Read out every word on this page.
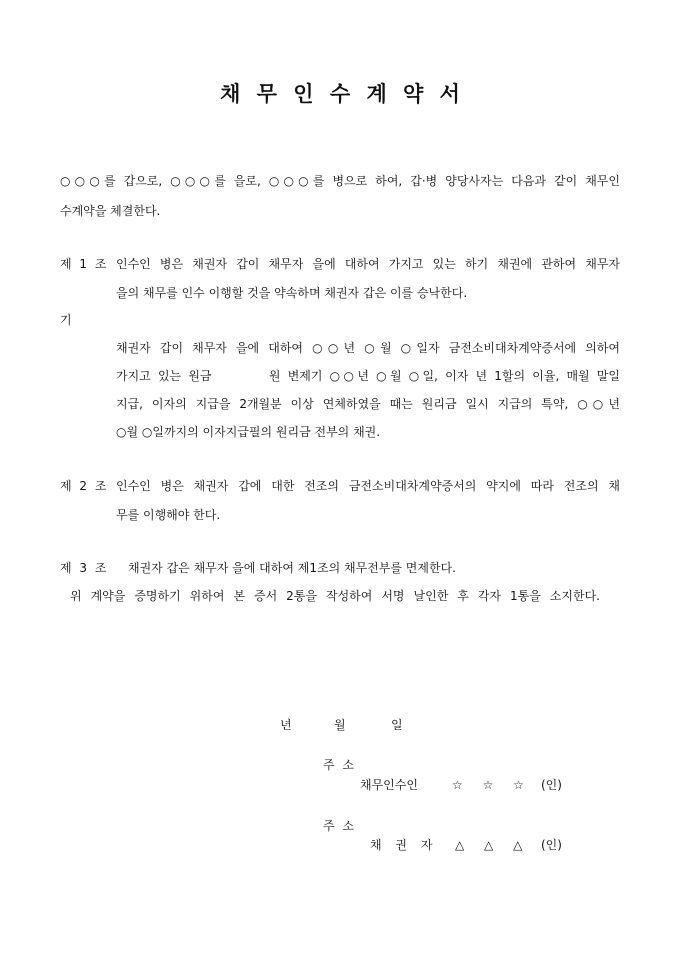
채 무 인 수 계 약 서
○○○를 갑으로, ○○○를 을로, ○○○를 병으로 하여, 갑·병 양당사자는 다음과 같이 채무인
수계약을 체결한다.
제 1 조 인수인 병은 채권자 갑이 채무자 을에 대하여 가지고 있는 하기 채권에 관하여 채무자
을의 채무를 인수 이행할 것을 약속하며 채권자 갑은 이를 승낙한다.
기
채권자 갑이 채무자 을에 대하여 ○○년 ○월 ○일자 금전소비대차계약증서에 의하여
가지고 있는 원금        원 변제기 ○○년 ○월 ○일, 이자 년 1할의 이율, 매월 말일
지급, 이자의 지급을 2개월분 이상 연체하였을 때는 원리금 일시 지급의 특약, ○○년
○월 ○일까지의 이자지급필의 원리금 전부의 채권.
제 2 조 인수인 병은 채권자 갑에 대한 전조의 금전소비대차계약증서의 약지에 따라 전조의 채
무를 이행해야 한다.
제 3 조 채권자 갑은 채무자 을에 대하여 제1조의 채무전부를 면제한다.
위 계약을 증명하기 위하여 본 증서 2통을 작성하여 서명 날인한 후 각자 1통을 소지한다.
년	월	일
주 소
채무인수인	☆ ☆ ☆ (인)
주 소
채 권 자 △ △ △ (인)
